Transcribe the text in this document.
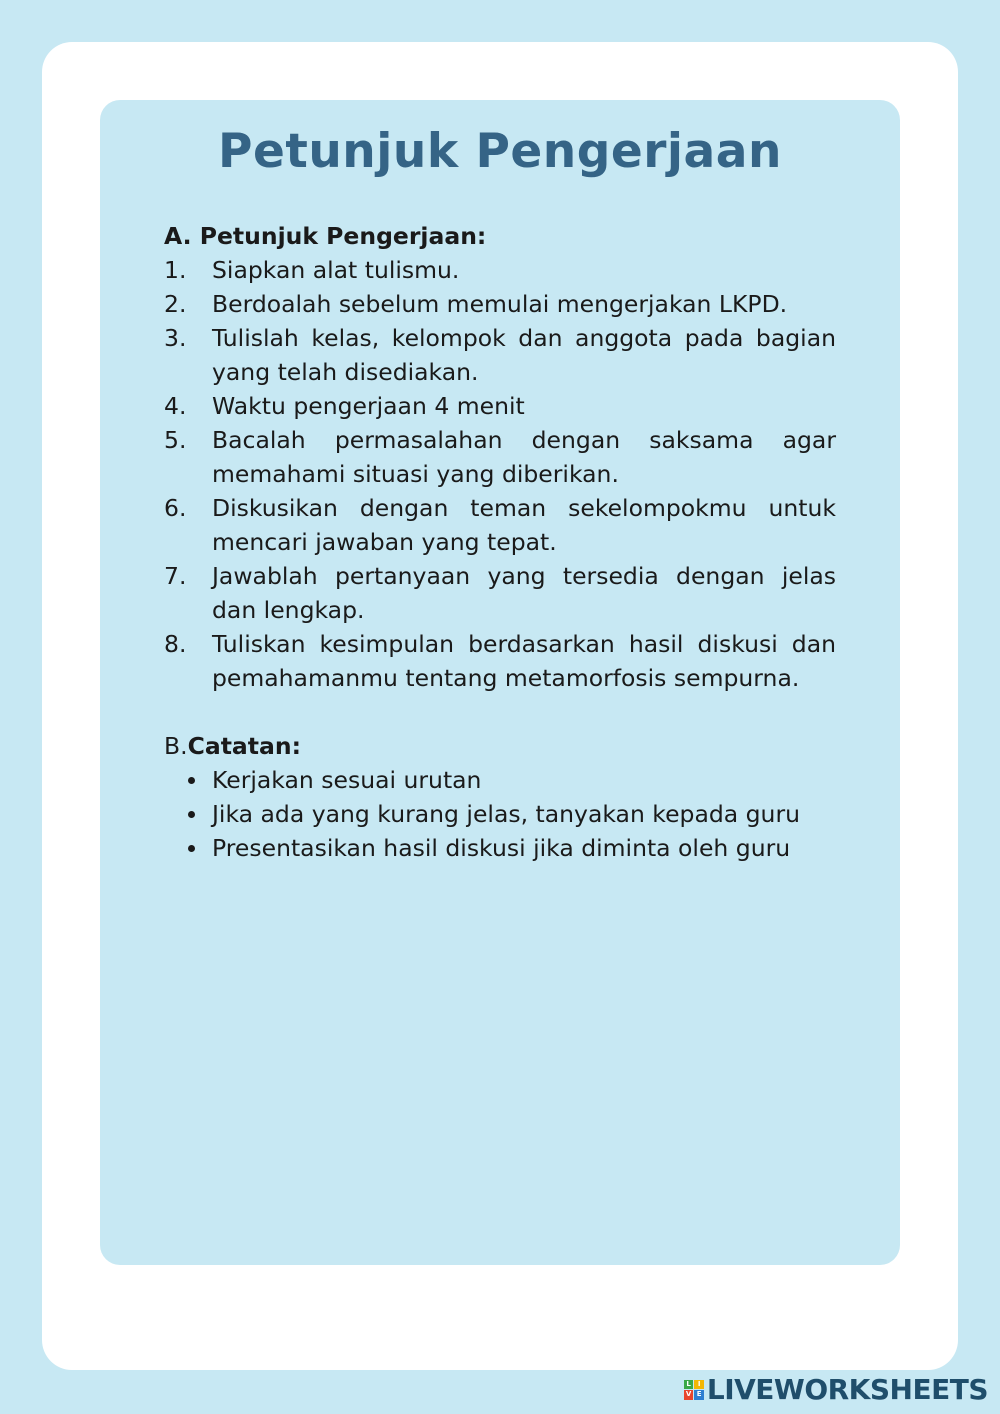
Petunjuk Pengerjaan

A. Petunjuk Pengerjaan:

1.	Siapkan alat tulismu.
2.	Berdoalah sebelum memulai mengerjakan LKPD.
3.	Tulislah kelas, kelompok dan anggota pada bagian yang telah disediakan.
4.	Waktu pengerjaan 4 menit
5.	Bacalah permasalahan dengan saksama agar memahami situasi yang diberikan.
6.	Diskusikan dengan teman sekelompokmu untuk mencari jawaban yang tepat.
7.	Jawablah pertanyaan yang tersedia dengan jelas dan lengkap.
8.	Tuliskan kesimpulan berdasarkan hasil diskusi dan pemahamanmu tentang metamorfosis sempurna.

B.Catatan:

Kerjakan sesuai urutan
Jika ada yang kurang jelas, tanyakan kepada guru
Presentasikan hasil diskusi jika diminta oleh guru
L I
V E LIVEWORKSHEETS
